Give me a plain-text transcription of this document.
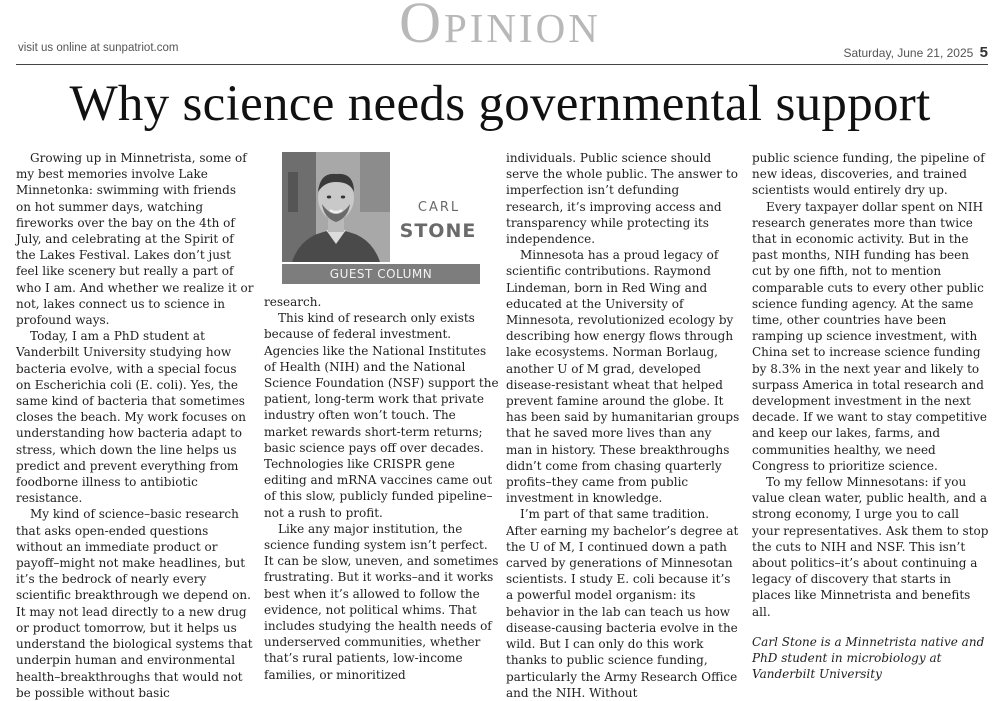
visit us online at sunpatriot.com	Opinion	Saturday, June 21, 2025 5
Why science needs governmental support

Growing up in Minnetrista, some of my best memories involve Lake Minnetonka: swimming with friends on hot summer days, watching fireworks over the bay on the 4th of July, and celebrating at the Spirit of the Lakes Festival. Lakes don’t just feel like scenery but really a part of who I am. And whether we realize it or not, lakes connect us to science in profound ways.

Today, I am a PhD student at Vanderbilt University studying how bacteria evolve, with a special focus on Escherichia coli (E. coli). Yes, the same kind of bacteria that sometimes closes the beach. My work focuses on understanding how bacteria adapt to stress, which down the line helps us predict and prevent everything from foodborne illness to antibiotic resistance.

My kind of science–basic research that asks open-ended questions without an immediate product or payoff–might not make headlines, but it’s the bedrock of nearly every scientific breakthrough we depend on. It may not lead directly to a new drug or product tomorrow, but it helps us understand the biological systems that underpin human and environmental health–breakthroughs that would not be possible without basic

CARL
STONE
GUEST COLUMN

research.

This kind of research only exists because of federal investment. Agencies like the National Institutes of Health (NIH) and the National Science Foundation (NSF) support the patient, long-term work that private industry often won’t touch. The market rewards short-term returns; basic science pays off over decades. Technologies like CRISPR gene editing and mRNA vaccines came out of this slow, publicly funded pipeline–not a rush to profit.

Like any major institution, the science funding system isn’t perfect. It can be slow, uneven, and sometimes frustrating. But it works–and it works best when it’s allowed to follow the evidence, not political whims. That includes studying the health needs of underserved communities, whether that’s rural patients, low-income families, or minoritized

individuals. Public science should serve the whole public. The answer to imperfection isn’t defunding research, it’s improving access and transparency while protecting its independence.

Minnesota has a proud legacy of scientific contributions. Raymond Lindeman, born in Red Wing and educated at the University of Minnesota, revolutionized ecology by describing how energy flows through lake ecosystems. Norman Borlaug, another U of M grad, developed disease-resistant wheat that helped prevent famine around the globe. It has been said by humanitarian groups that he saved more lives than any man in history. These breakthroughs didn’t come from chasing quarterly profits–they came from public investment in knowledge.

I’m part of that same tradition. After earning my bachelor’s degree at the U of M, I continued down a path carved by generations of Minnesotan scientists. I study E. coli because it’s a powerful model organism: its behavior in the lab can teach us how disease-causing bacteria evolve in the wild. But I can only do this work thanks to public science funding, particularly the Army Research Office and the NIH. Without

public science funding, the pipeline of new ideas, discoveries, and trained scientists would entirely dry up.

Every taxpayer dollar spent on NIH research generates more than twice that in economic activity. But in the past months, NIH funding has been cut by one fifth, not to mention comparable cuts to every other public science funding agency. At the same time, other countries have been ramping up science investment, with China set to increase science funding by 8.3% in the next year and likely to surpass America in total research and development investment in the next decade. If we want to stay competitive and keep our lakes, farms, and communities healthy, we need Congress to prioritize science.

To my fellow Minnesotans: if you value clean water, public health, and a strong economy, I urge you to call your representatives. Ask them to stop the cuts to NIH and NSF. This isn’t about politics–it’s about continuing a legacy of discovery that starts in places like Minnetrista and benefits all.

Carl Stone is a Minnetrista native and PhD student in microbiology at Vanderbilt University
